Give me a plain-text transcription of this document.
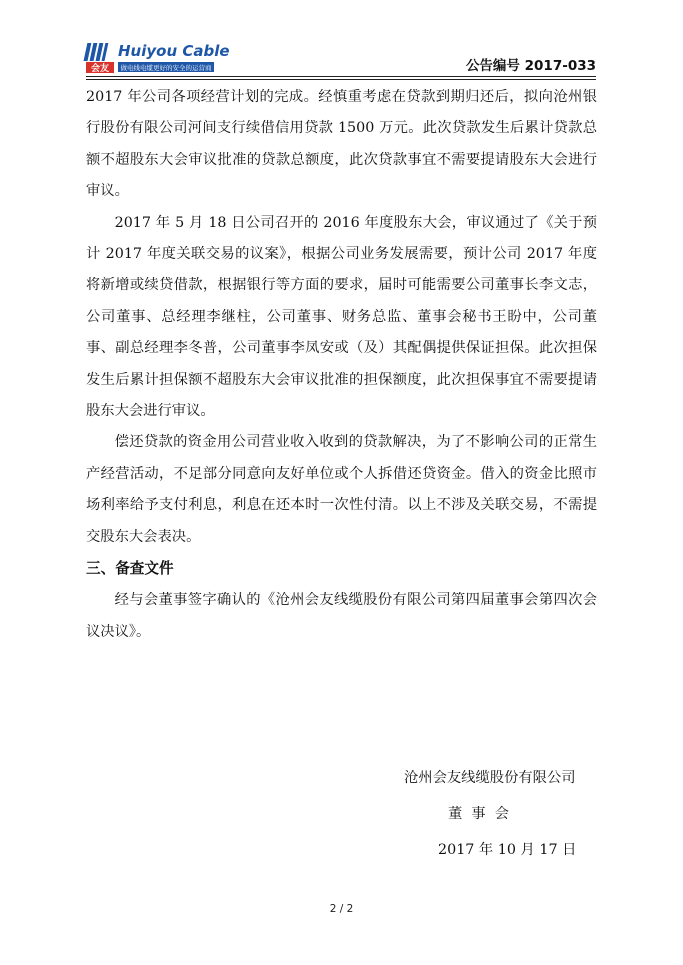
会友
Huiyou Cable
做电线电缆更好的安全的运营商	公告编号 2017-033

2017 年公司各项经营计划的完成。经慎重考虑在贷款到期归还后，拟向沧州银行股份有限公司河间支行续借信用贷款 1500 万元。此次贷款发生后累计贷款总额不超股东大会审议批准的贷款总额度，此次贷款事宜不需要提请股东大会进行审议。

2017 年 5 月 18 日公司召开的 2016 年度股东大会，审议通过了《关于预计 2017 年度关联交易的议案》，根据公司业务发展需要，预计公司 2017 年度将新增或续贷借款，根据银行等方面的要求，届时可能需要公司董事长李文志，公司董事、总经理李继柱，公司董事、财务总监、董事会秘书王盼中，公司董事、副总经理李冬普，公司董事李凤安或（及）其配偶提供保证担保。此次担保发生后累计担保额不超股东大会审议批准的担保额度，此次担保事宜不需要提请股东大会进行审议。

偿还贷款的资金用公司营业收入收到的贷款解决，为了不影响公司的正常生产经营活动，不足部分同意向友好单位或个人拆借还贷资金。借入的资金比照市场利率给予支付利息，利息在还本时一次性付清。以上不涉及关联交易，不需提交股东大会表决。

三、备查文件

经与会董事签字确认的《沧州会友线缆股份有限公司第四届董事会第四次会议决议》。

沧州会友线缆股份有限公司
董事会
2017 年 10 月 17 日
2 / 2
